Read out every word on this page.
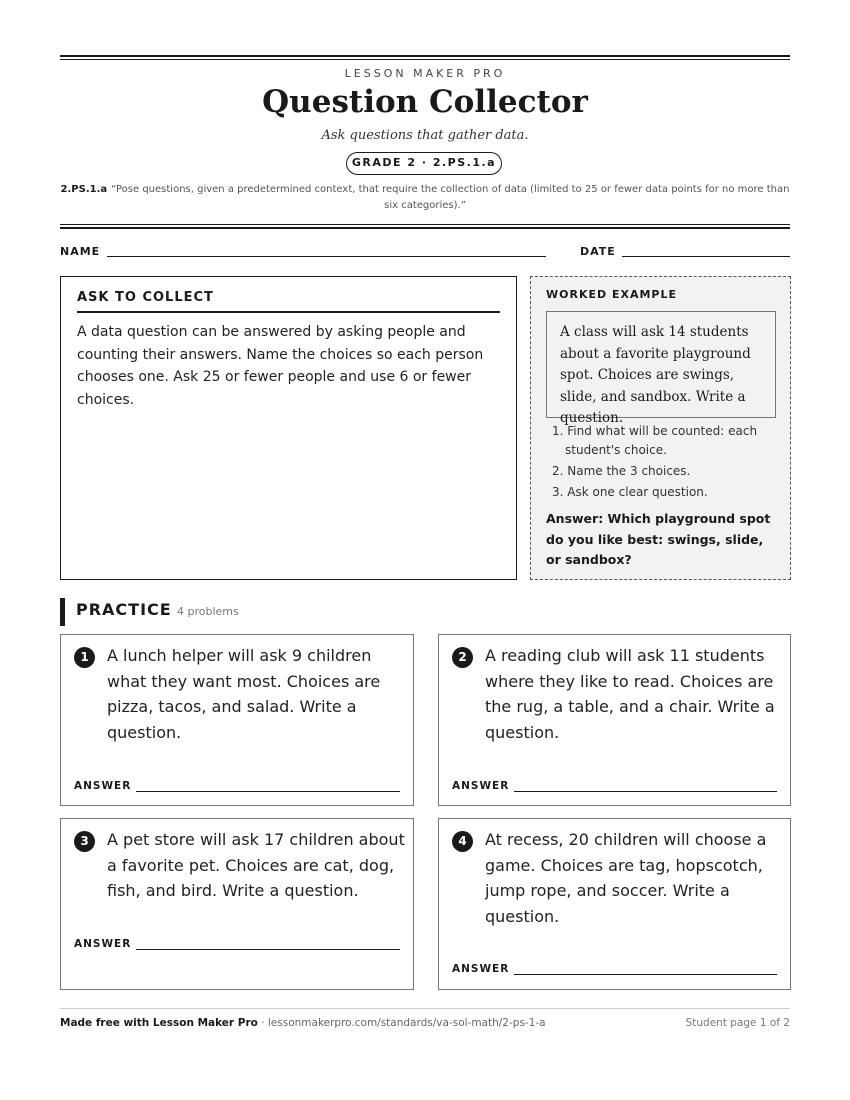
LESSON MAKER PRO
Question Collector
Ask questions that gather data.
GRADE 2 · 2.PS.1.a
2.PS.1.a “Pose questions, given a predetermined context, that require the collection of data (limited to 25 or fewer data points for no more than six categories).”
NAME	DATE
ASK TO COLLECT
A data question can be answered by asking people and counting their answers. Name the choices so each person chooses one. Ask 25 or fewer people and use 6 or fewer choices.
WORKED EXAMPLE
A class will ask 14 students about a favorite playground spot. Choices are swings, slide, and sandbox. Write a question.
1. Find what will be counted: each student's choice.
2. Name the 3 choices.
3. Ask one clear question.
Answer: Which playground spot do you like best: swings, slide, or sandbox?
PRACTICE 4 problems
1	A lunch helper will ask 9 children what they want most. Choices are pizza, tacos, and salad. Write a question.
ANSWER
2	A reading club will ask 11 students where they like to read. Choices are the rug, a table, and a chair. Write a question.
ANSWER
3	A pet store will ask 17 children about a favorite pet. Choices are cat, dog, fish, and bird. Write a question.
ANSWER
4	At recess, 20 children will choose a game. Choices are tag, hopscotch, jump rope, and soccer. Write a question.
ANSWER
Made free with Lesson Maker Pro · lessonmakerpro.com/standards/va-sol-math/2-ps-1-a	Student page 1 of 2
